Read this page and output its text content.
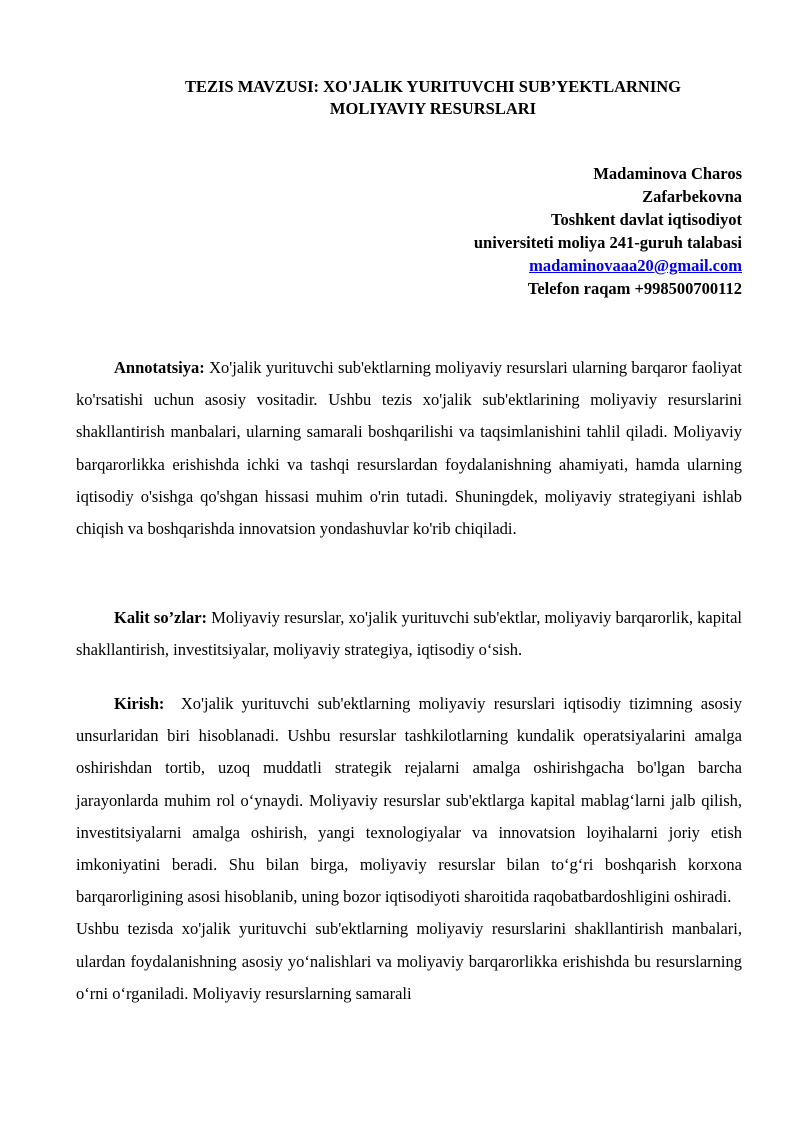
TEZIS MAVZUSI: XO'JALIK YURITUVCHI SUB’YEKTLARNING
MOLIYAVIY RESURSLARI
Madaminova Charos
Zafarbekovna
Toshkent davlat iqtisodiyot
universiteti moliya 241-guruh talabasi
madaminovaaa20@gmail.com
Telefon raqam +998500700112

Annotatsiya: Xo'jalik yurituvchi sub'ektlarning moliyaviy resurslari ularning barqaror faoliyat ko'rsatishi uchun asosiy vositadir. Ushbu tezis xo'jalik sub'ektlarining moliyaviy resurslarini shakllantirish manbalari, ularning samarali boshqarilishi va taqsimlanishini tahlil qiladi. Moliyaviy barqarorlikka erishishda ichki va tashqi resurslardan foydalanishning ahamiyati, hamda ularning iqtisodiy o'sishga qo'shgan hissasi muhim o'rin tutadi. Shuningdek, moliyaviy strategiyani ishlab chiqish va boshqarishda innovatsion yondashuvlar ko'rib chiqiladi.

Kalit so’zlar: Moliyaviy resurslar, xo'jalik yurituvchi sub'ektlar, moliyaviy barqarorlik, kapital shakllantirish, investitsiyalar, moliyaviy strategiya, iqtisodiy o‘sish.

Kirish: Xo'jalik yurituvchi sub'ektlarning moliyaviy resurslari iqtisodiy tizimning asosiy unsurlaridan biri hisoblanadi. Ushbu resurslar tashkilotlarning kundalik operatsiyalarini amalga oshirishdan tortib, uzoq muddatli strategik rejalarni amalga oshirishgacha bo'lgan barcha jarayonlarda muhim rol o‘ynaydi. Moliyaviy resurslar sub'ektlarga kapital mablag‘larni jalb qilish, investitsiyalarni amalga oshirish, yangi texnologiyalar va innovatsion loyihalarni joriy etish imkoniyatini beradi. Shu bilan birga, moliyaviy resurslar bilan to‘g‘ri boshqarish korxona barqarorligining asosi hisoblanib, uning bozor iqtisodiyoti sharoitida raqobatbardoshligini oshiradi.

Ushbu tezisda xo'jalik yurituvchi sub'ektlarning moliyaviy resurslarini shakllantirish manbalari, ulardan foydalanishning asosiy yo‘nalishlari va moliyaviy barqarorlikka erishishda bu resurslarning o‘rni o‘rganiladi. Moliyaviy resurslarning samarali
